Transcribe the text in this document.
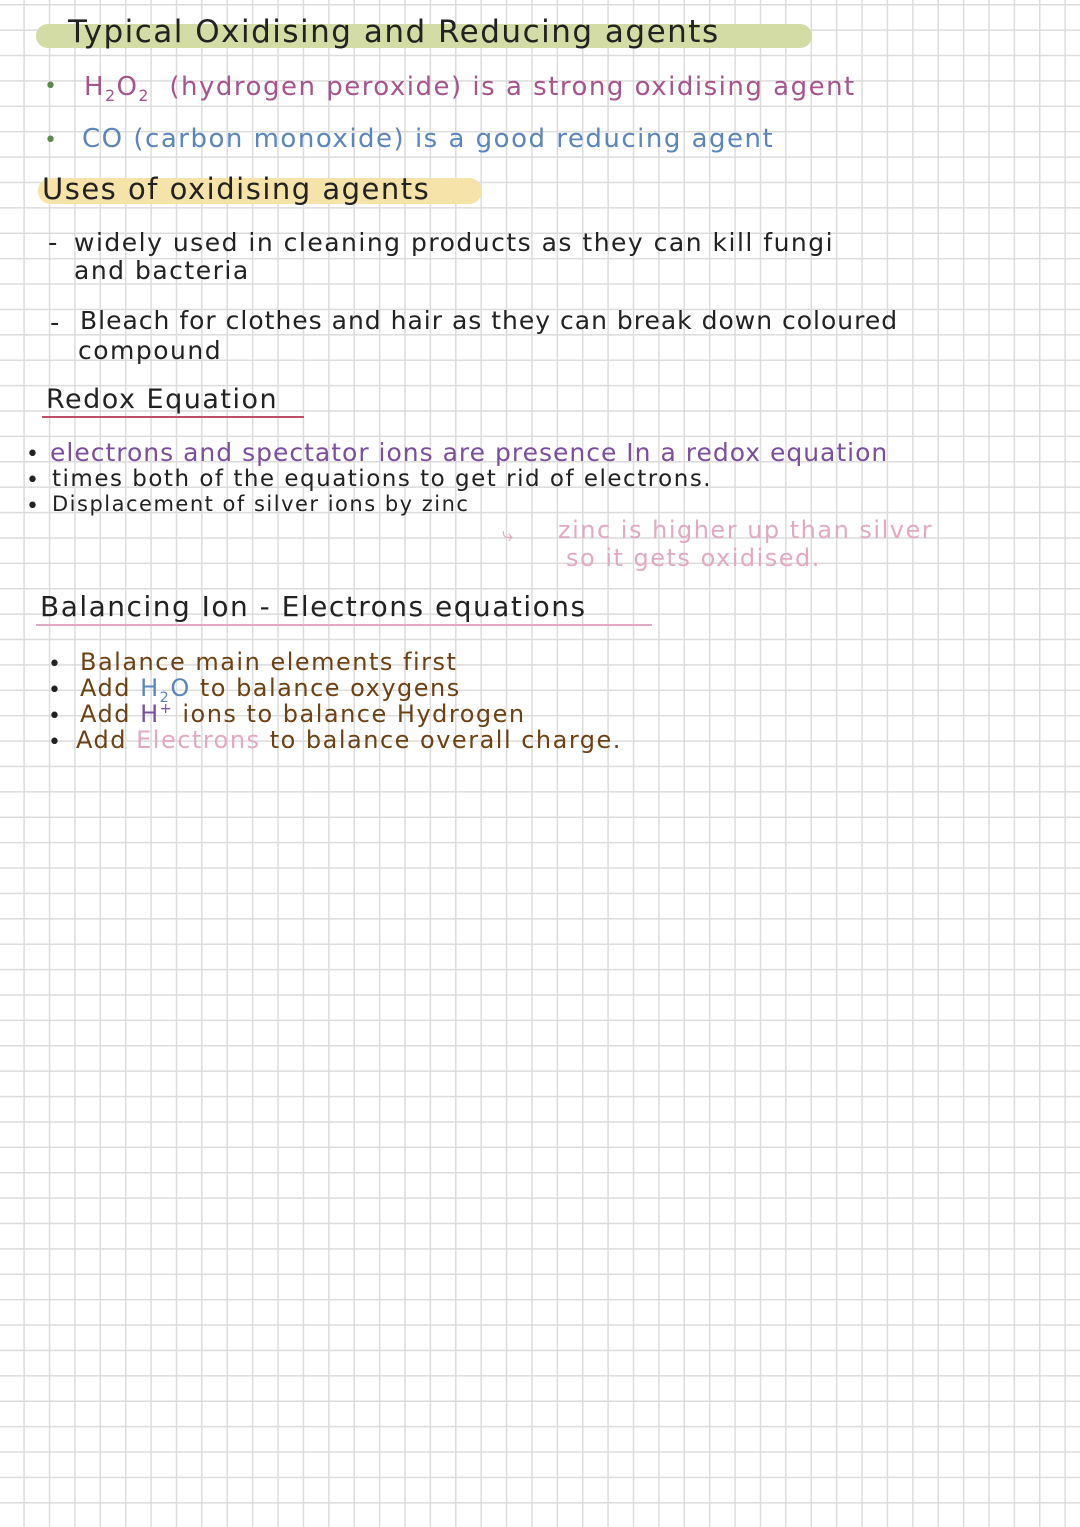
Typical Oxidising and Reducing agents
• $H_2O_2$ (hydrogen peroxide) is a strong oxidising agent
• CO (carbon monoxide) is a good reducing agent
Uses of oxidising agents
- widely used in cleaning products as they can kill fungi
and bacteria
- Bleach for clothes and hair as they can break down coloured
compound
Redox Equation
• electrons and spectator ions are presence In a redox equation
• times both of the equations to get rid of electrons.
• Displacement of silver ions by zinc
⤷ zinc is higher up than silver
so it gets oxidised.
Balancing Ion - Electrons equations
• Balance main elements first
• Add $H_2O$ to balance oxygens
• Add H+ ions to balance Hydrogen
• Add Electrons to balance overall charge.
